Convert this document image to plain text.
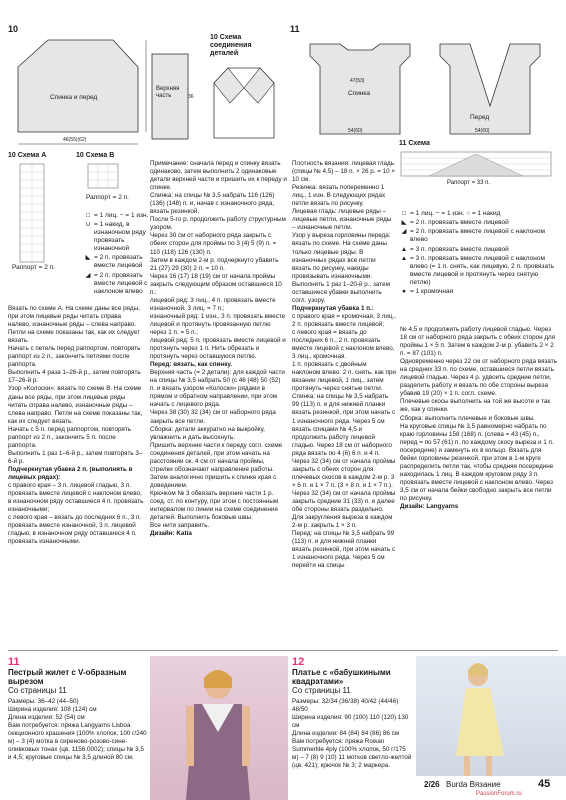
10
Спинка и перед
46(55)(62)
Верхняя часть	36
10 Схема соединения деталей
11
Спинка
47(53)
54(60)
Перед
54(60)
11 Схема
Раппорт = 33 п.
□ = 1 лиц. − = 1 изн. ○ = 1 накид
◣ = 2 п. провязать вместе лицевой
◢ = 2 п. провязать вместе лицевой с наклоном влево
▲ = 3 п. провязать вместе лицевой
▲ = 3 п. провязать вместе лицевой с наклоном влево (= 1 п. снять, как лицевую, 2 п. провязать вместе лицевой и протянуть через снятую петлю)
● = 1 кромочная
10 Схема A	10 Схема B
Раппорт = 2 п.
Раппорт = 2 п.
□ = 1 лиц. − = 1 изн.
∪ = 1 накид, в изнаночном ряду провязать изнаночной
◣ = 2 п. провязать вместе лицевой
◢ = 2 п. провязать вместе лицевой с наклоном влево

Вязать по схеме А. На схеме даны все ряды, при этом лицевые ряды читать справа налево, изнаночные ряды – слева направо. Петли на схеме показаны так, как их следует вязать.

Начать с петель перед раппортом, повторять раппорт из 2 п., закончить петлями после раппорта.

Выполнить 4 раза 1–26-й р., затем повторять 17–26-й р.

Узор «Колоски»: вязать по схеме В. На схеме даны все ряды, при этом лицевые ряды читать справа налево, изнаночные ряды – слева направо. Петли на схеме показаны так, как их следует вязать.

Начать с 5 п. перед раппортом, повторять раппорт из 2 п., закончить 5 п. после раппорта.

Выполнить 1 раз 1–6-й р., затем повторять 3–6-й р.

Подчеркнутая убавка 2 п. (выполнять в лицевых рядах):

с правого края – 3 п. лицевой гладью, 3 п. провязать вместе лицевой с наклоном влево, в изнаночном ряду оставшиеся 4 п. провязать изнаночными;

с левого края – вязать до последних 6 п., 3 п. провязать вместе изнаночной, 3 п. лицевой гладью; в изнаночном ряду оставшиеся 4 п. провязать изнаночными.

Примечание: сначала перед и спинку вязать одинаково, затем выполнить 2 одинаковые детали верхней части и пришить их к переду и спинке.

Спинка: на спицы № 3,5 набрать 116 (126) (136) (148) п. и, начав с изнаночного ряда, вязать резинкой.

После 5-го р. продолжить работу структурным узором.

Через 30 см от наборного ряда закрыть с обеих сторон для проймы по 3 (4) 5 (9) п. = 110 (118) 126 (130) п.

Затем в каждом 2-м р. подчеркнуто убавить 21 (27) 29 (30) 2 п. = 10 п.

Через 16 (17) 18 (19) см от начала проймы закрыть следующим образом оставшиеся 10 п.:

лицевой ряд: 3 лиц., 4 п. провязать вместе изнаночной, 3 лиц. = 7 п.;

изнаночный ряд: 1 изн., 3 п. провязать вместе лицевой и протянуть провязанную петлю через 1 п. = 5 п.;

лицевой ряд: 5 п. провязать вместе лицевой и протянуть через 1 п. Нить обрезать и протянуть через оставшуюся петлю.

Перед: вязать, как спинку.

Верхняя часть (= 2 детали): для каждой части на спицы № 3,5 набрать 50 (с 46 (48) 50 (52) п. и вязать узором «Колоски» рядами в прямом и обратном направлении, при этом начать с лицевого ряда.

Через 38 (30) 32 (34) см от наборного ряда закрыть все петли.

Сборка: детали аккуратно на выкройку, увлажнить и дать высохнуть.

Пришить верхние части к переду согл. схеме соединения деталей, при этом начать на расстоянии ок. 4 см от начала проймы, стрелки обозначают направление работы. Затем аналогично пришить к спинке края с доведением.

Крючком № 3 обвязать верхние части 1 р. соед. ст. по контуру, при этом с постоянным интервалом по линии на схеме соединения деталей. Выполнить боковые швы.

Все нити заправить.

Дизайн: Katia

Плотность вязания: лицевая гладь (спицы № 4,5) – 18 п. × 26 р. = 10 × 10 см.

Резинка: вязать попеременно 1 лиц., 1 изн. В следующих рядах петли вязать по рисунку.

Лицевая гладь: лицевые ряды – лицевые петли, изнаночные ряды – изнаночные петли.

Узор у выреза горловины переда: вязать по схеме. На схеме даны только лицевые ряды. В изнаночных рядах все петли вязать по рисунку, накиды провязывать изнаночными. Выполнить 1 раз 1–20-й р., затем оставшиеся убавки выполнить согл. узору.

Подчеркнутая убавка 1 п.:

с правого края = кромочная, 3 лиц., 2 п. провязать вместе лицевой;

с левого края = вязать до последних 6 п., 2 п. провязать вместе лицевой с наклоном влево, 3 лиц., кромочная.

1 п. провязать с двойным наклоном влево: 2 п. снять, как при вязании лицевой, 1 лиц., затем протянуть через снятые петли.

Спинка: на спицы № 3,5 набрать 99 (113) п. и для нижней планки вязать резинкой, при этом начать с 1 изнаночного ряда. Через 5 см вязать спицами № 4,5 и продолжить работу лицевой гладью. Через 18 см от наборного ряда вязать по 4 (6) 6 п. и 4 п.

Через 32 (34) см от начала проймы закрыть с обеих сторон для плечевых скосов в каждом 2-м р. 3 × 6 п. и 1 × 7 п. (3 × 8 п. и 1 × 7 п.).

Через 32 (34) см от начала проймы закрыть средние 31 (33) п. и далее обе стороны вязать раздельно. Для закругления выреза в каждом 2-м р. закрыть 1 × 3 п.

Перед: на спицы № 3,5 набрать 99 (113) п. и для нижней планки вязать резинкой, при этом начать с 1 изнаночного ряда. Через 5 см перейти на спицы

№ 4,5 и продолжить работу лицевой гладью. Через 18 см от наборного ряда закрыть с обеих сторон для проймы 1 × 5 п. Затем в каждом 2-м р. убавить 2 × 2 п. = 87 (101) п.

Одновременно через 22 см от наборного ряда вязать на средних 33 п. по схеме, оставшиеся петли вязать лицевой гладью. Через 4 р. удвоить средние петли, разделить работу и вязать по обе стороны выреза убавив 19 (20) × 1 п. согл. схеме.

Плечевые скосы выполнить на той же высоте и так же, как у спинки.

Сборка: выполнить плечевые и боковые швы.

На круговые спицы № 3,5 равномерно набрать по краю горловины 158 (168) п. (слева = 43 (45) п., перед = по 57 (61) п. по каждому скосу выреза и 1 п. посередине) и замкнуть их в кольцо. Вязать для бейки горловины резинкой, при этом в 1-м круге распределить петли так, чтобы средняя посередине находилась 1 лиц. В каждом круговом ряду 3 п. провязать вместе лицевой с наклоном влево. Через 3,5 см от начала бейки свободно закрыть все петли по рисунку.

Дизайн: Langyarns

11
Пестрый жилет с V-образным вырезом
Со страницы 11

Размеры: 36–42 (44–50)

Ширина изделия: 108 (124) см

Длина изделия: 52 (54) см

Вам потребуется: пряжа Langyarns Lisboa секционного крашения (100% хлопок, 100 г/240 м) – 3 (4) мотка в сиреново-розово-сине-оливковых тонах (цв. 1156.0002); спицы № 3,5 и 4,5; круговые спицы № 3,5 длиной 80 см.

12
Платье с «бабушкиными квадратами»
Со страницы 11

Размеры: 32/34 (36/38) 40/42 (44/46) 48/50

Ширина изделия: 90 (100) 110 (120) 130 см

Длина изделия: 84 (84) 84 (86) 86 см

Вам потребуется: пряжа Rowan Summerlite 4ply (100% хлопок, 50 г/175 м) – 7 (8) 9 (10) 11 мотков светло-желтой (цв. 421); крючок № 3; 2 маркера.

2/26 Burda Вязание	45
PassionForum.ru
